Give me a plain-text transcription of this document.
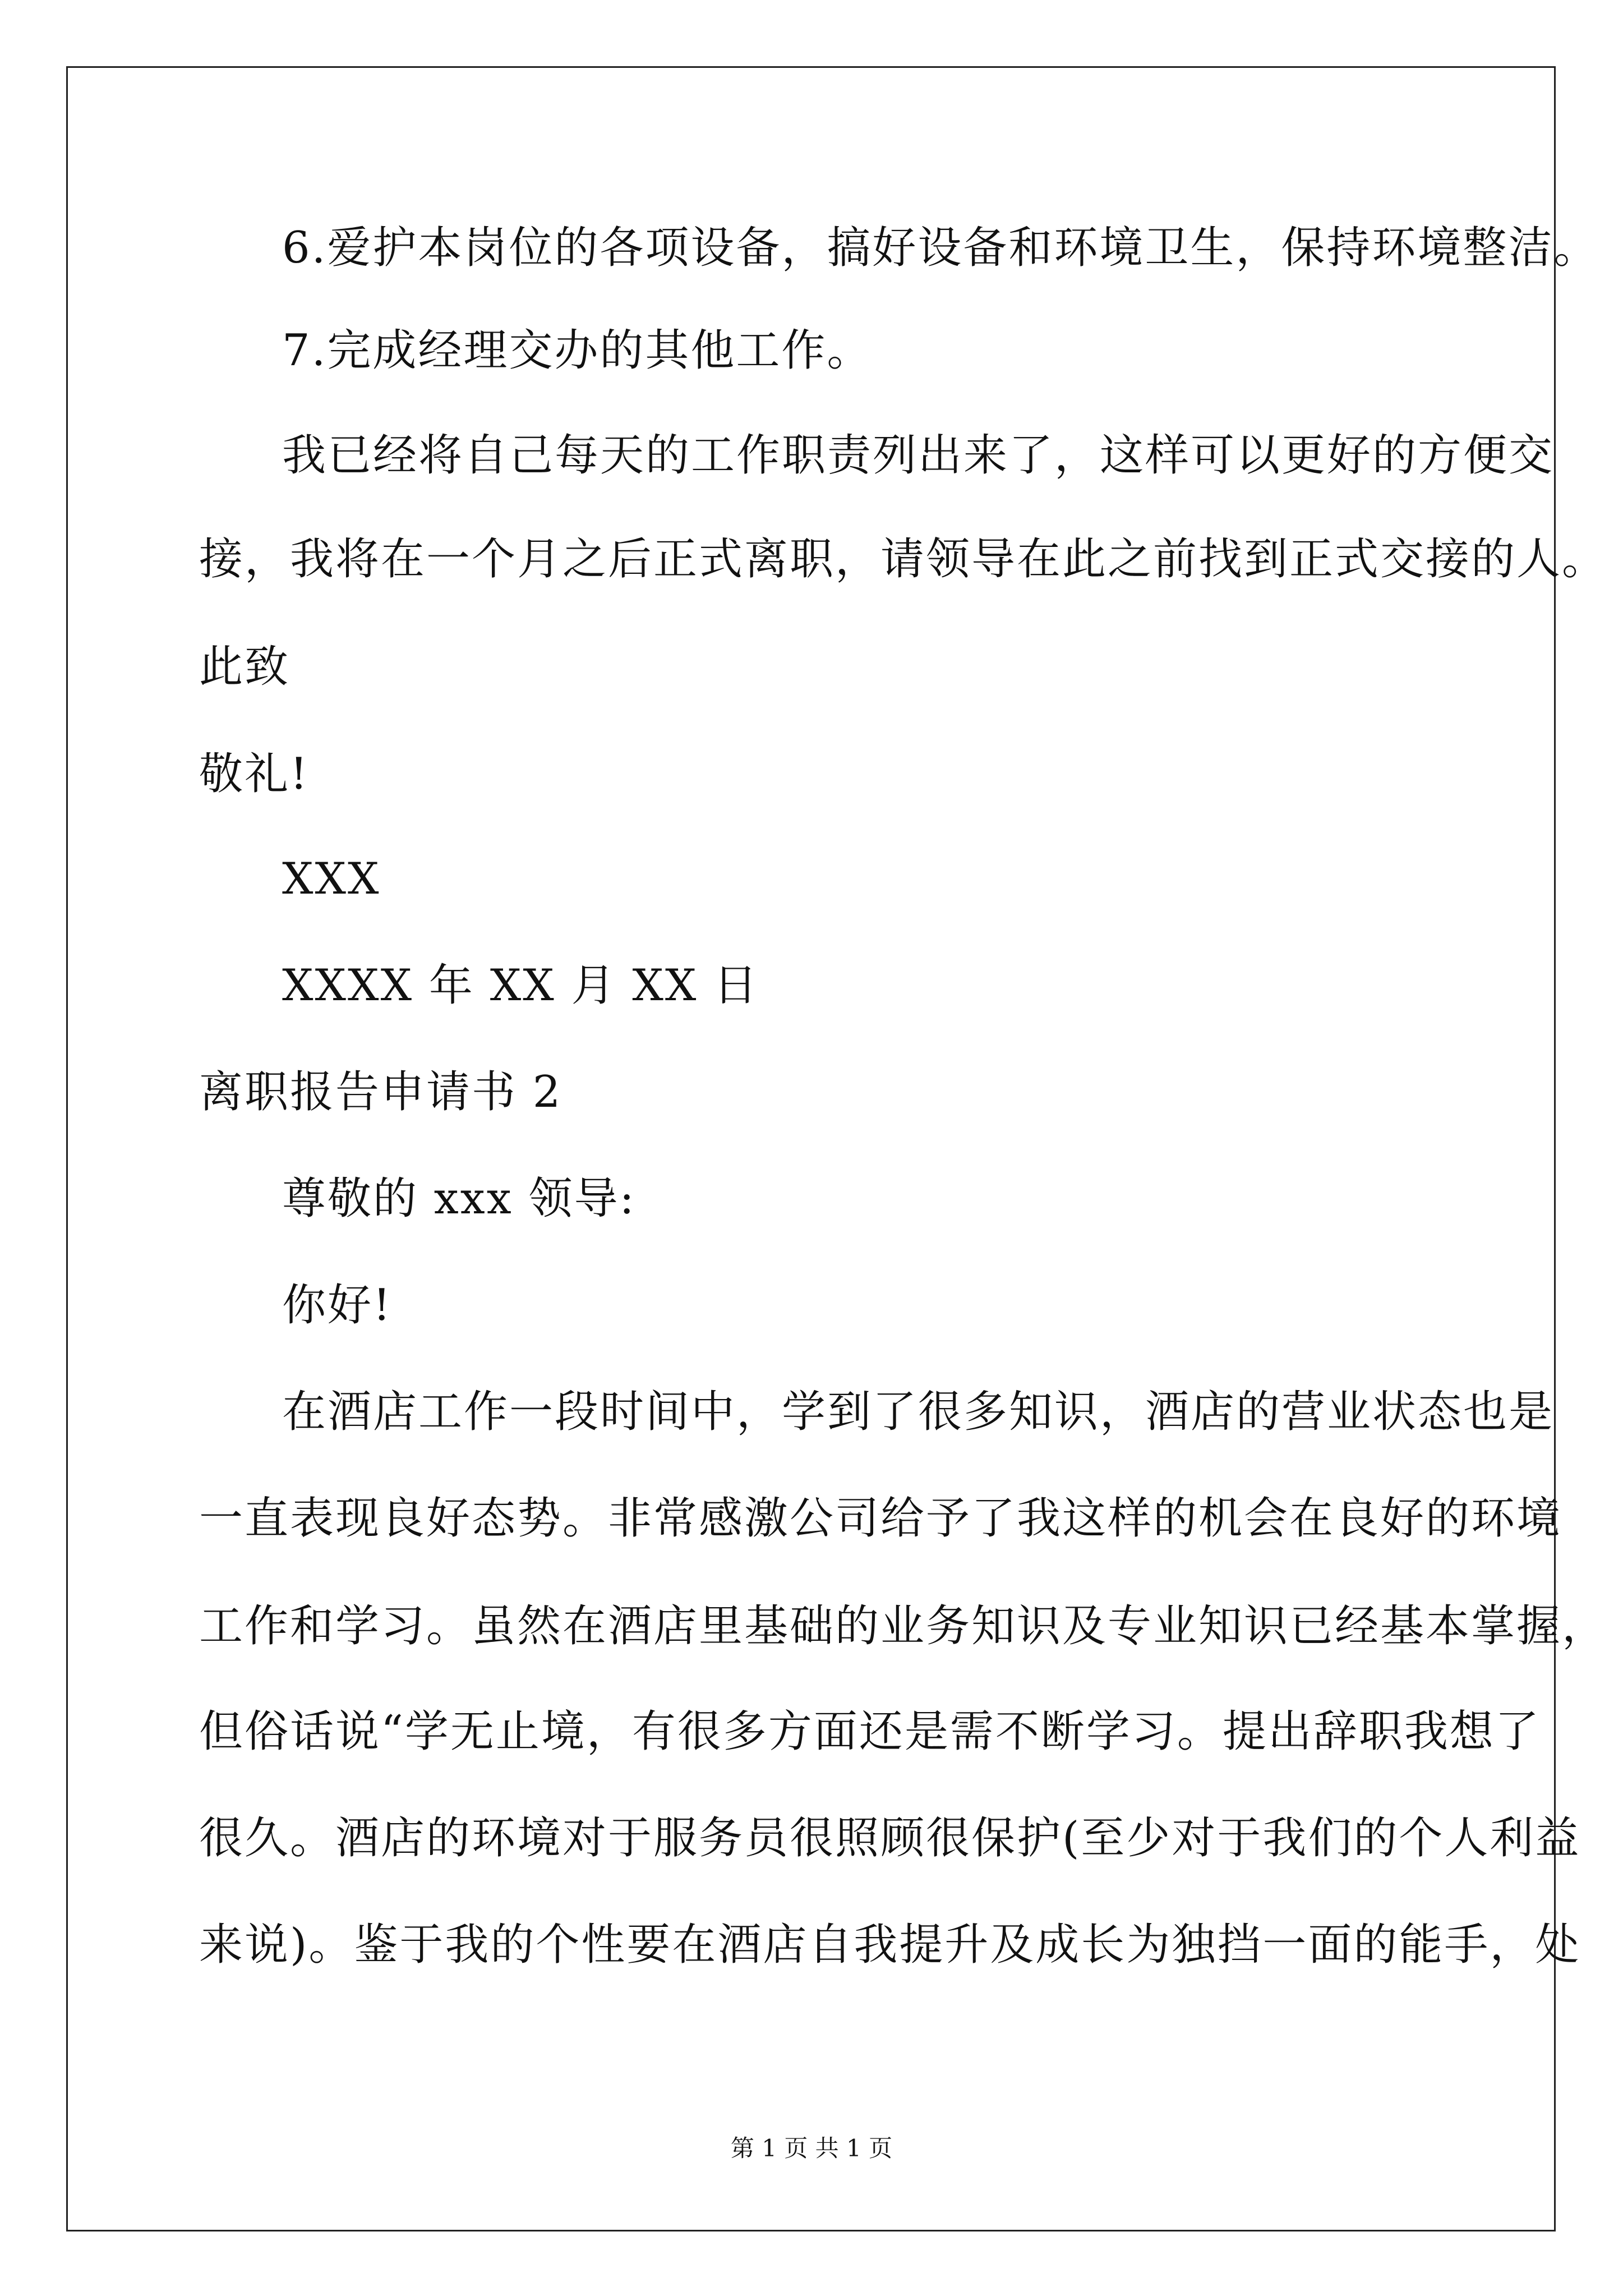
6.爱护本岗位的各项设备，搞好设备和环境卫生，保持环境整洁。
7.完成经理交办的其他工作。
我已经将自己每天的工作职责列出来了，这样可以更好的方便交
接，我将在一个月之后正式离职，请领导在此之前找到正式交接的人。
此致
敬礼!
XXX
XXXX 年 XX 月 XX 日
离职报告申请书 2
尊敬的 xxx 领导:
你好!
在酒店工作一段时间中，学到了很多知识，酒店的营业状态也是
一直表现良好态势。非常感激公司给予了我这样的机会在良好的环境
工作和学习。虽然在酒店里基础的业务知识及专业知识已经基本掌握，
但俗话说“学无止境，有很多方面还是需不断学习。提出辞职我想了
很久。酒店的环境对于服务员很照顾很保护(至少对于我们的个人利益
来说)。鉴于我的个性要在酒店自我提升及成长为独挡一面的能手，处
第 1 页 共 1 页
